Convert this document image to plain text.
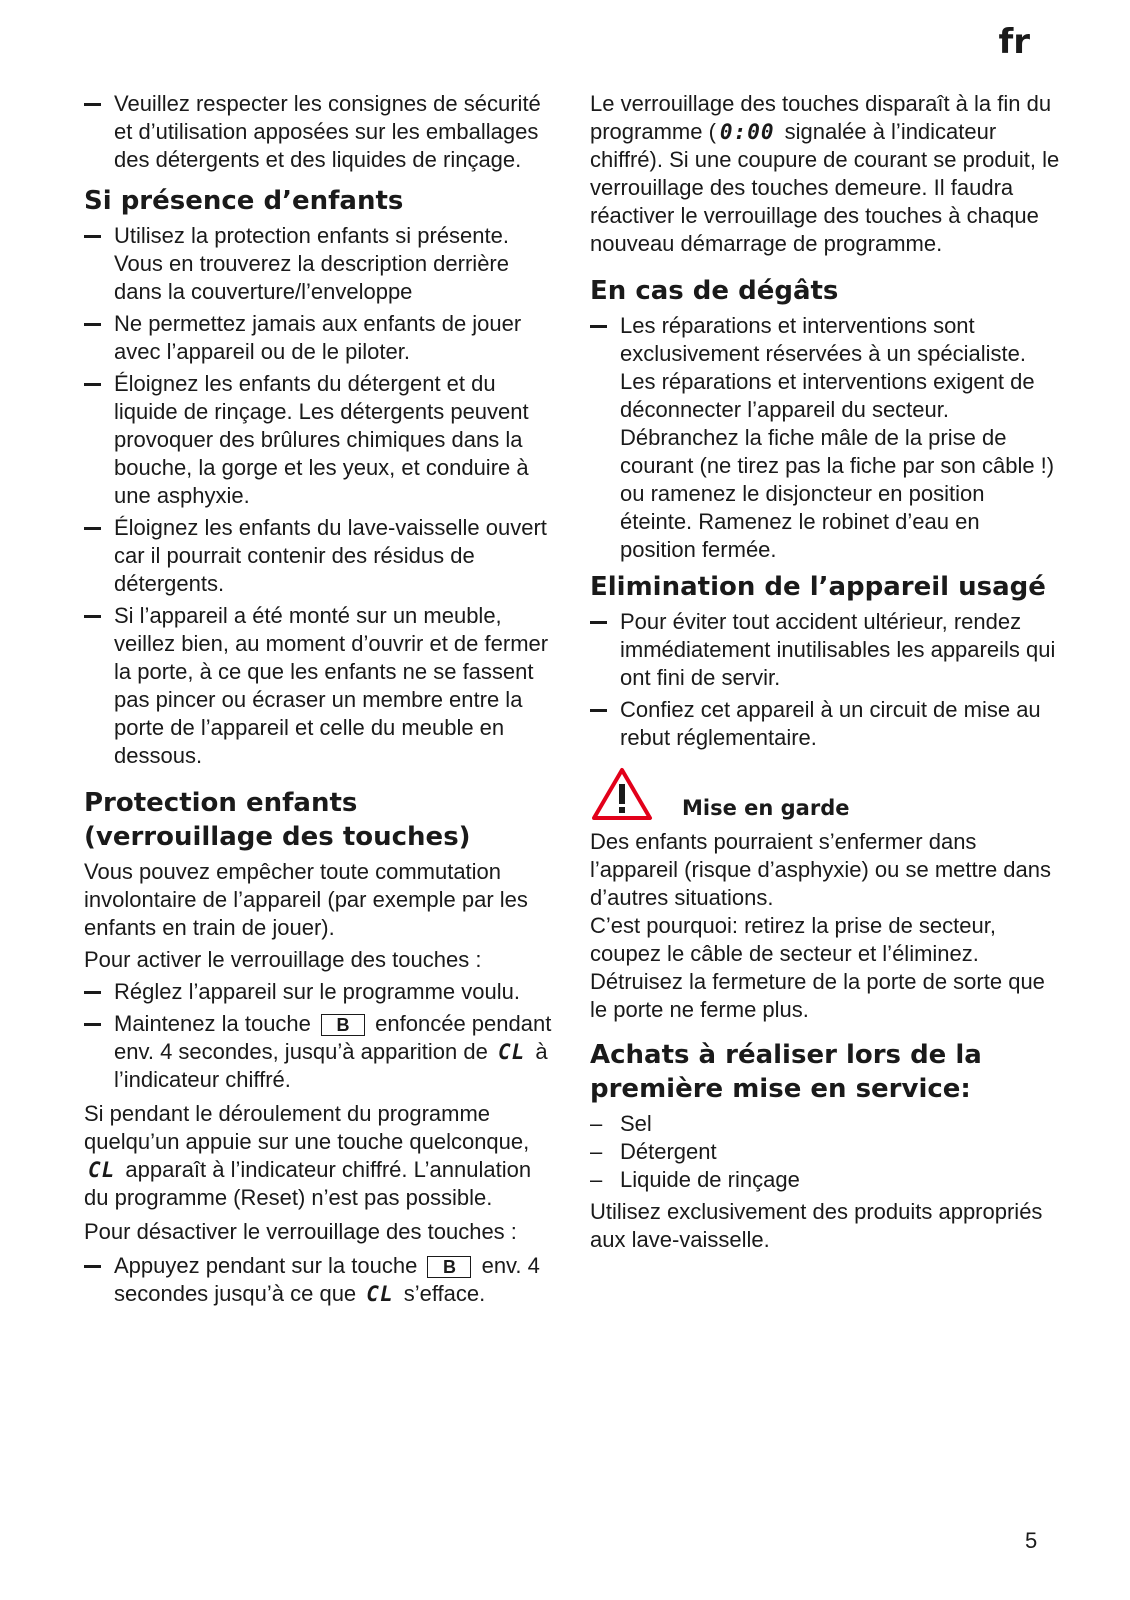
fr
Veuillez respecter les consignes de sécurité et d’utilisation apposées sur les emballages des détergents et des liquides de rinçage.
Si présence d’enfants
Utilisez la protection enfants si présente. Vous en trouverez la description derrière dans la couverture/l’enveloppe
Ne permettez jamais aux enfants de jouer avec l’appareil ou de le piloter.
Éloignez les enfants du détergent et du liquide de rinçage. Les détergents peuvent provoquer des brûlures chimiques dans la bouche, la gorge et les yeux, et conduire à une asphyxie.
Éloignez les enfants du lave-vaisselle ouvert car il pourrait contenir des résidus de détergents.
Si l’appareil a été monté sur un meuble, veillez bien, au moment d’ouvrir et de fermer la porte, à ce que les enfants ne se fassent pas pincer ou écraser un membre entre la porte de l’appareil et celle du meuble en dessous.
Protection enfants
(verrouillage des touches)

Vous pouvez empêcher toute commutation involontaire de l’appareil (par exemple par les enfants en train de jouer).

Pour activer le verrouillage des touches :

Réglez l’appareil sur le programme voulu.
Maintenez la touche B enfoncée pendant env. 4 secondes, jusqu’à apparition de CL à l’indicateur chiffré.

Si pendant le déroulement du programme quelqu’un appuie sur une touche quelconque, CL apparaît à l’indicateur chiffré. L’annulation du programme (Reset) n’est pas possible.

Pour désactiver le verrouillage des touches :

Appuyez pendant sur la touche B env. 4 secondes jusqu’à ce que CL s’efface.

Le verrouillage des touches disparaît à la fin du programme ( 0:00 signalée à l’indicateur chiffré). Si une coupure de courant se produit, le verrouillage des touches demeure. Il faudra réactiver le verrouillage des touches à chaque nouveau démarrage de programme.

En cas de dégâts
Les réparations et interventions sont exclusivement réservées à un spécialiste. Les réparations et interventions exigent de déconnecter l’appareil du secteur. Débranchez la fiche mâle de la prise de courant (ne tirez pas la fiche par son câble !) ou ramenez le disjoncteur en position éteinte. Ramenez le robinet d’eau en position fermée.
Elimination de l’appareil usagé
Pour éviter tout accident ultérieur, rendez immédiatement inutilisables les appareils qui ont fini de servir.
Confiez cet appareil à un circuit de mise au rebut réglementaire.
Mise en garde

Des enfants pourraient s’enfermer dans l’appareil (risque d’asphyxie) ou se mettre dans d’autres situations.

C’est pourquoi: retirez la prise de secteur, coupez le câble de secteur et l’éliminez. Détruisez la fermeture de la porte de sorte que le porte ne ferme plus.

Achats à réaliser lors de la
première mise en service:
– Sel
– Détergent
– Liquide de rinçage

Utilisez exclusivement des produits appropriés aux lave-vaisselle.

5
